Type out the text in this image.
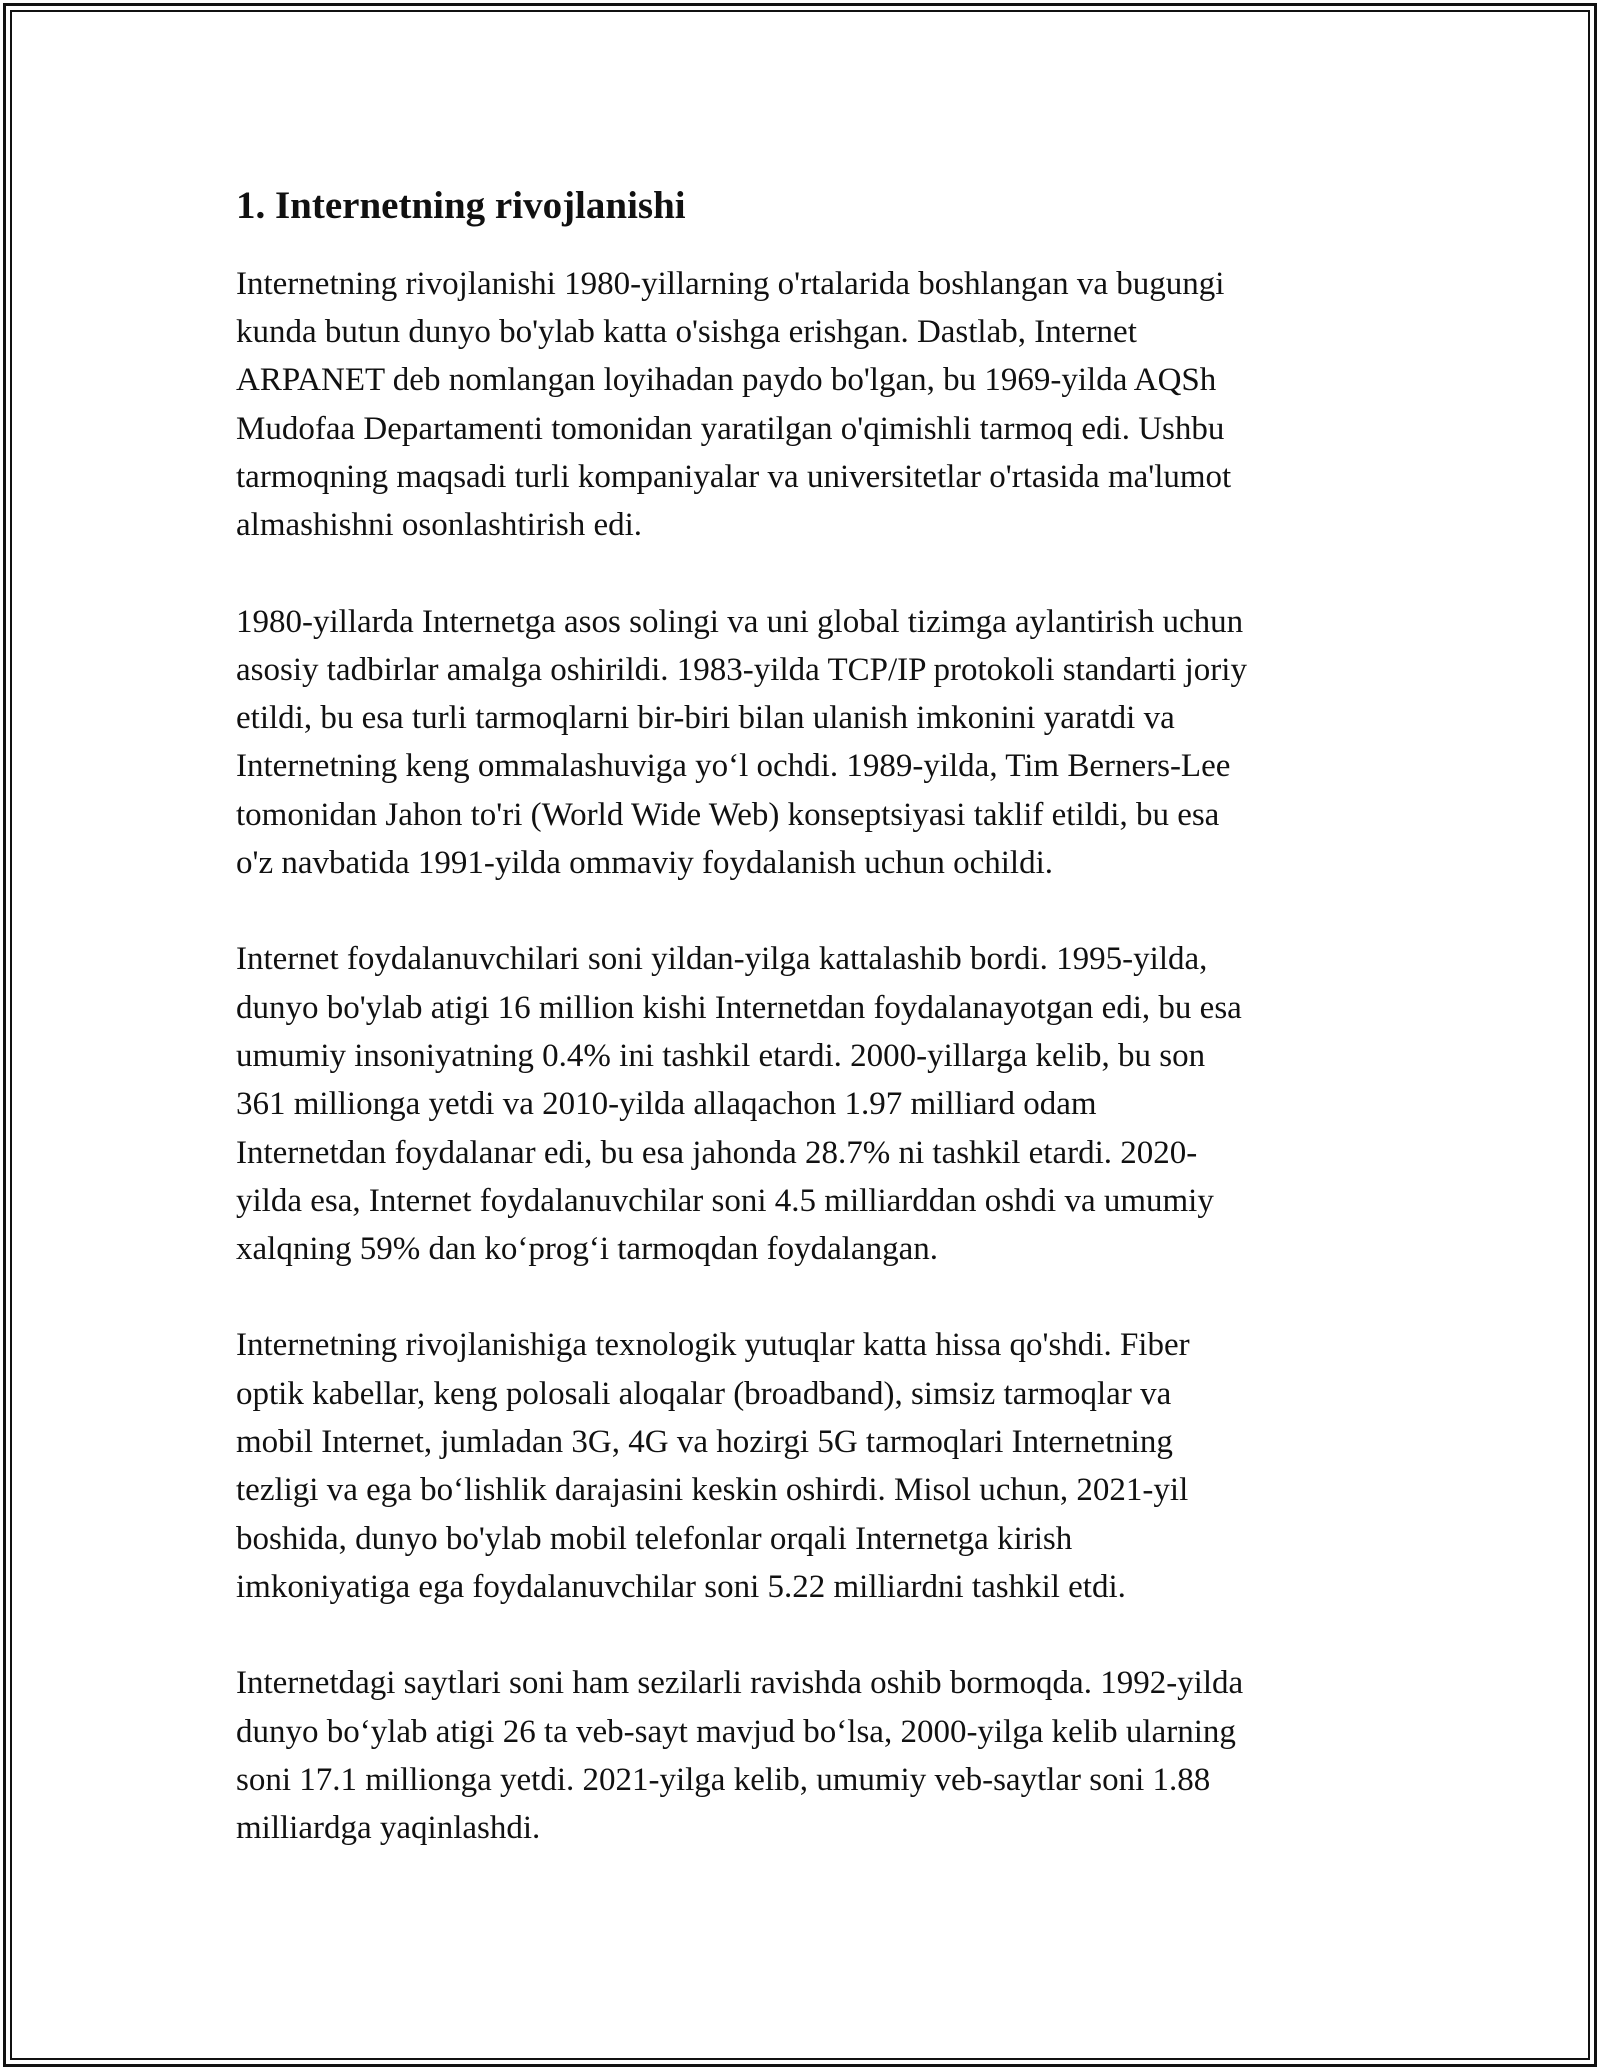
1. Internetning rivojlanishi

Internetning rivojlanishi 1980-yillarning o'rtalarida boshlangan va bugungi
kunda butun dunyo bo'ylab katta o'sishga erishgan. Dastlab, Internet
ARPANET deb nomlangan loyihadan paydo bo'lgan, bu 1969-yilda AQSh
Mudofaa Departamenti tomonidan yaratilgan o'qimishli tarmoq edi. Ushbu
tarmoqning maqsadi turli kompaniyalar va universitetlar o'rtasida ma'lumot
almashishni osonlashtirish edi.

1980-yillarda Internetga asos solingi va uni global tizimga aylantirish uchun
asosiy tadbirlar amalga oshirildi. 1983-yilda TCP/IP protokoli standarti joriy
etildi, bu esa turli tarmoqlarni bir-biri bilan ulanish imkonini yaratdi va
Internetning keng ommalashuviga yo‘l ochdi. 1989-yilda, Tim Berners-Lee
tomonidan Jahon to'ri (World Wide Web) konseptsiyasi taklif etildi, bu esa
o'z navbatida 1991-yilda ommaviy foydalanish uchun ochildi.

Internet foydalanuvchilari soni yildan-yilga kattalashib bordi. 1995-yilda,
dunyo bo'ylab atigi 16 million kishi Internetdan foydalanayotgan edi, bu esa
umumiy insoniyatning 0.4% ini tashkil etardi. 2000-yillarga kelib, bu son
361 millionga yetdi va 2010-yilda allaqachon 1.97 milliard odam
Internetdan foydalanar edi, bu esa jahonda 28.7% ni tashkil etardi. 2020-
yilda esa, Internet foydalanuvchilar soni 4.5 milliarddan oshdi va umumiy
xalqning 59% dan ko‘prog‘i tarmoqdan foydalangan.

Internetning rivojlanishiga texnologik yutuqlar katta hissa qo'shdi. Fiber
optik kabellar, keng polosali aloqalar (broadband), simsiz tarmoqlar va
mobil Internet, jumladan 3G, 4G va hozirgi 5G tarmoqlari Internetning
tezligi va ega bo‘lishlik darajasini keskin oshirdi. Misol uchun, 2021-yil
boshida, dunyo bo'ylab mobil telefonlar orqali Internetga kirish
imkoniyatiga ega foydalanuvchilar soni 5.22 milliardni tashkil etdi.

Internetdagi saytlari soni ham sezilarli ravishda oshib bormoqda. 1992-yilda
dunyo bo‘ylab atigi 26 ta veb-sayt mavjud bo‘lsa, 2000-yilga kelib ularning
soni 17.1 millionga yetdi. 2021-yilga kelib, umumiy veb-saytlar soni 1.88
milliardga yaqinlashdi.
